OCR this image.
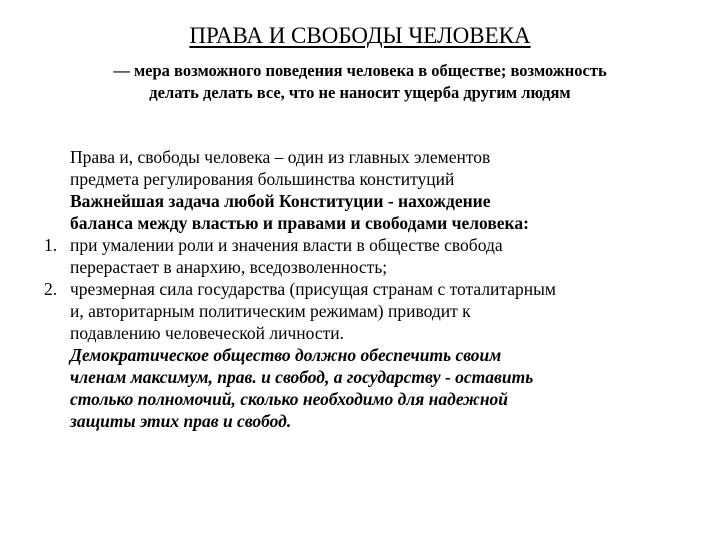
ПРАВА И СВОБОДЫ ЧЕЛОВЕКА
— мера возможного поведения человека в обществе; возможность
делать делать все, что не наносит ущерба другим людям
Права и, свободы человека – один из главных элементов
предмета регулирования большинства конституций
Важнейшая задача любой Конституции - нахождение
баланса между властью и правами и свободами человека:
1. при умалении роли и значения власти в обществе свобода
перерастает в анархию, вседозволенность;
2. чрезмерная сила государства (присущая странам с тоталитарным
и, авторитарным политическим режимам) приводит к
подавлению человеческой личности.
Демократическое общество должно обеспечить своим
членам максимум, прав. и свобод, а государству - оставить
столько полномочий, сколько необходимо для надежной
защиты этих прав и свобод.
